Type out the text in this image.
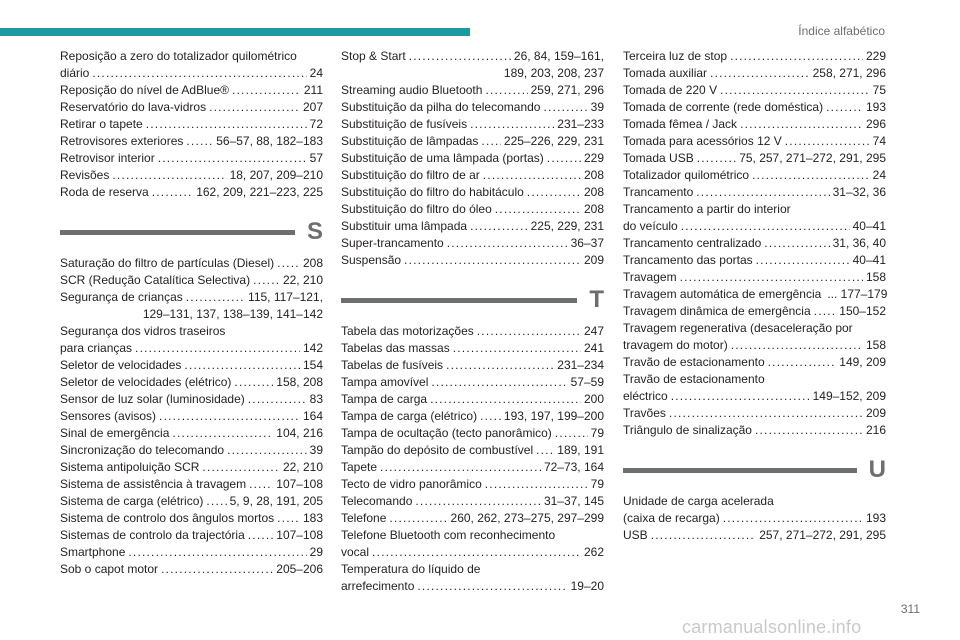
Índice alfabético
Reposição a zero do totalizador quilométrico
diário .....	24
Reposição do nível de AdBlue® .....	211
Reservatório do lava-vidros .....	207
Retirar o tapete .....	72
Retrovisores exteriores .....	56–57, 88, 182–183
Retrovisor interior .....	57
Revisões .....	18, 207, 209–210
Roda de reserva .....	162, 209, 221–223, 225
S
Saturação do filtro de partículas (Diesel) ..... 208
SCR (Redução Catalítica Selectiva) .....	22, 210
Segurança de crianças .....	115, 117–121,
129–131, 137, 138–139, 141–142
Segurança dos vidros traseiros
para crianças .....	142
Seletor de velocidades .....	154
Seletor de velocidades (elétrico) .....	158, 208
Sensor de luz solar (luminosidade) .....	83
Sensores (avisos) .....	164
Sinal de emergência .....	104, 216
Sincronização do telecomando .....	39
Sistema antipoluição SCR .....	22, 210
Sistema de assistência à travagem .....	107–108
Sistema de carga (elétrico) ..... 5, 9, 28, 191, 205
Sistema de controlo dos ângulos mortos ..... 183
Sistemas de controlo da trajectória .....	107–108
Smartphone .....	29
Sob o capot motor .....	205–206
Stop & Start .....	26, 84, 159–161,
189, 203, 208, 237
Streaming audio Bluetooth .....	259, 271, 296
Substituição da pilha do telecomando .....	39
Substituição de fusíveis .....	231–233
Substituição de lâmpadas ..... 225–226, 229, 231
Substituição de uma lâmpada (portas) .....	229
Substituição do filtro de ar .....	208
Substituição do filtro do habitáculo .....	208
Substituição do filtro do óleo .....	208
Substituir uma lâmpada .....	225, 229, 231
Super-trancamento .....	36–37
Suspensão .....	209
T
Tabela das motorizações .....	247
Tabelas das massas .....	241
Tabelas de fusíveis .....	231–234
Tampa amovível .....	57–59
Tampa de carga .....	200
Tampa de carga (elétrico) ..... 193, 197, 199–200
Tampa de ocultação (tecto panorâmico) .....	79
Tampão do depósito de combustível ..... 189, 191
Tapete .....	72–73, 164
Tecto de vidro panorâmico .....	79
Telecomando .....	31–37, 145
Telefone .....	260, 262, 273–275, 297–299
Telefone Bluetooth com reconhecimento
vocal .....	262
Temperatura do líquido de
arrefecimento .....	19–20
Terceira luz de stop .....	229
Tomada auxiliar .....	258, 271, 296
Tomada de 220 V .....	75
Tomada de corrente (rede doméstica) .....	193
Tomada fêmea / Jack .....	296
Tomada para acessórios 12 V .....	74
Tomada USB .....	75, 257, 271–272, 291, 295
Totalizador quilométrico .....	24
Trancamento .....	31–32, 36
Trancamento a partir do interior
do veículo .....	40–41
Trancamento centralizado .....	31, 36, 40
Trancamento das portas .....	40–41
Travagem .....	158
Travagem automática de emergência ... 177–179
Travagem dinâmica de emergência ..... 150–152
Travagem regenerativa (desaceleração por
travagem do motor) .....	158
Travão de estacionamento .....	149, 209
Travão de estacionamento
eléctrico .....	149–152, 209
Travões .....	209
Triângulo de sinalização .....	216
U
Unidade de carga acelerada
(caixa de recarga) .....	193
USB .....	257, 271–272, 291, 295
311
carmanualsonline.info
